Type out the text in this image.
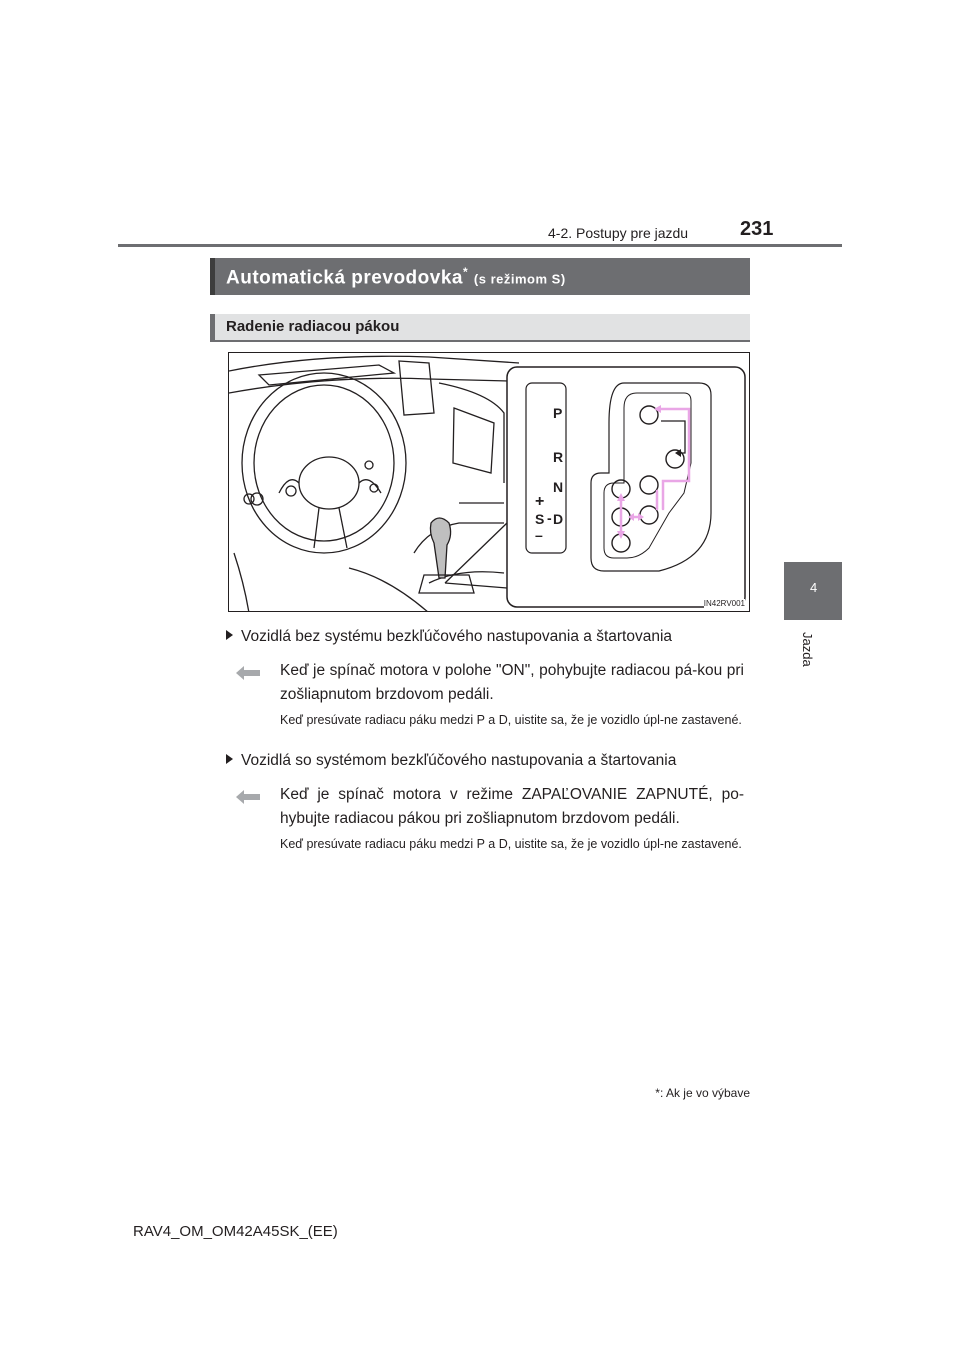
4-2. Postupy pre jazdu	231
4
Jazda
Automatická prevodovka* (s režimom S)
Radenie radiacou pákou
P
R
N
+
S - D
–
IN42RV001
Vozidlá bez systému bezkľúčového nastupovania a štartovania
Keď je spínač motora v polohe "ON", pohybujte radiacou pá-kou pri zošliapnutom brzdovom pedáli.
Keď presúvate radiacu páku medzi P a D, uistite sa, že je vozidlo úpl-ne zastavené.
Vozidlá so systémom bezkľúčového nastupovania a štartovania
Keď je spínač motora v režime ZAPAĽOVANIE ZAPNUTÉ, po-hybujte radiacou pákou pri zošliapnutom brzdovom pedáli.
Keď presúvate radiacu páku medzi P a D, uistite sa, že je vozidlo úpl-ne zastavené.
*: Ak je vo výbave
RAV4_OM_OM42A45SK_(EE)
